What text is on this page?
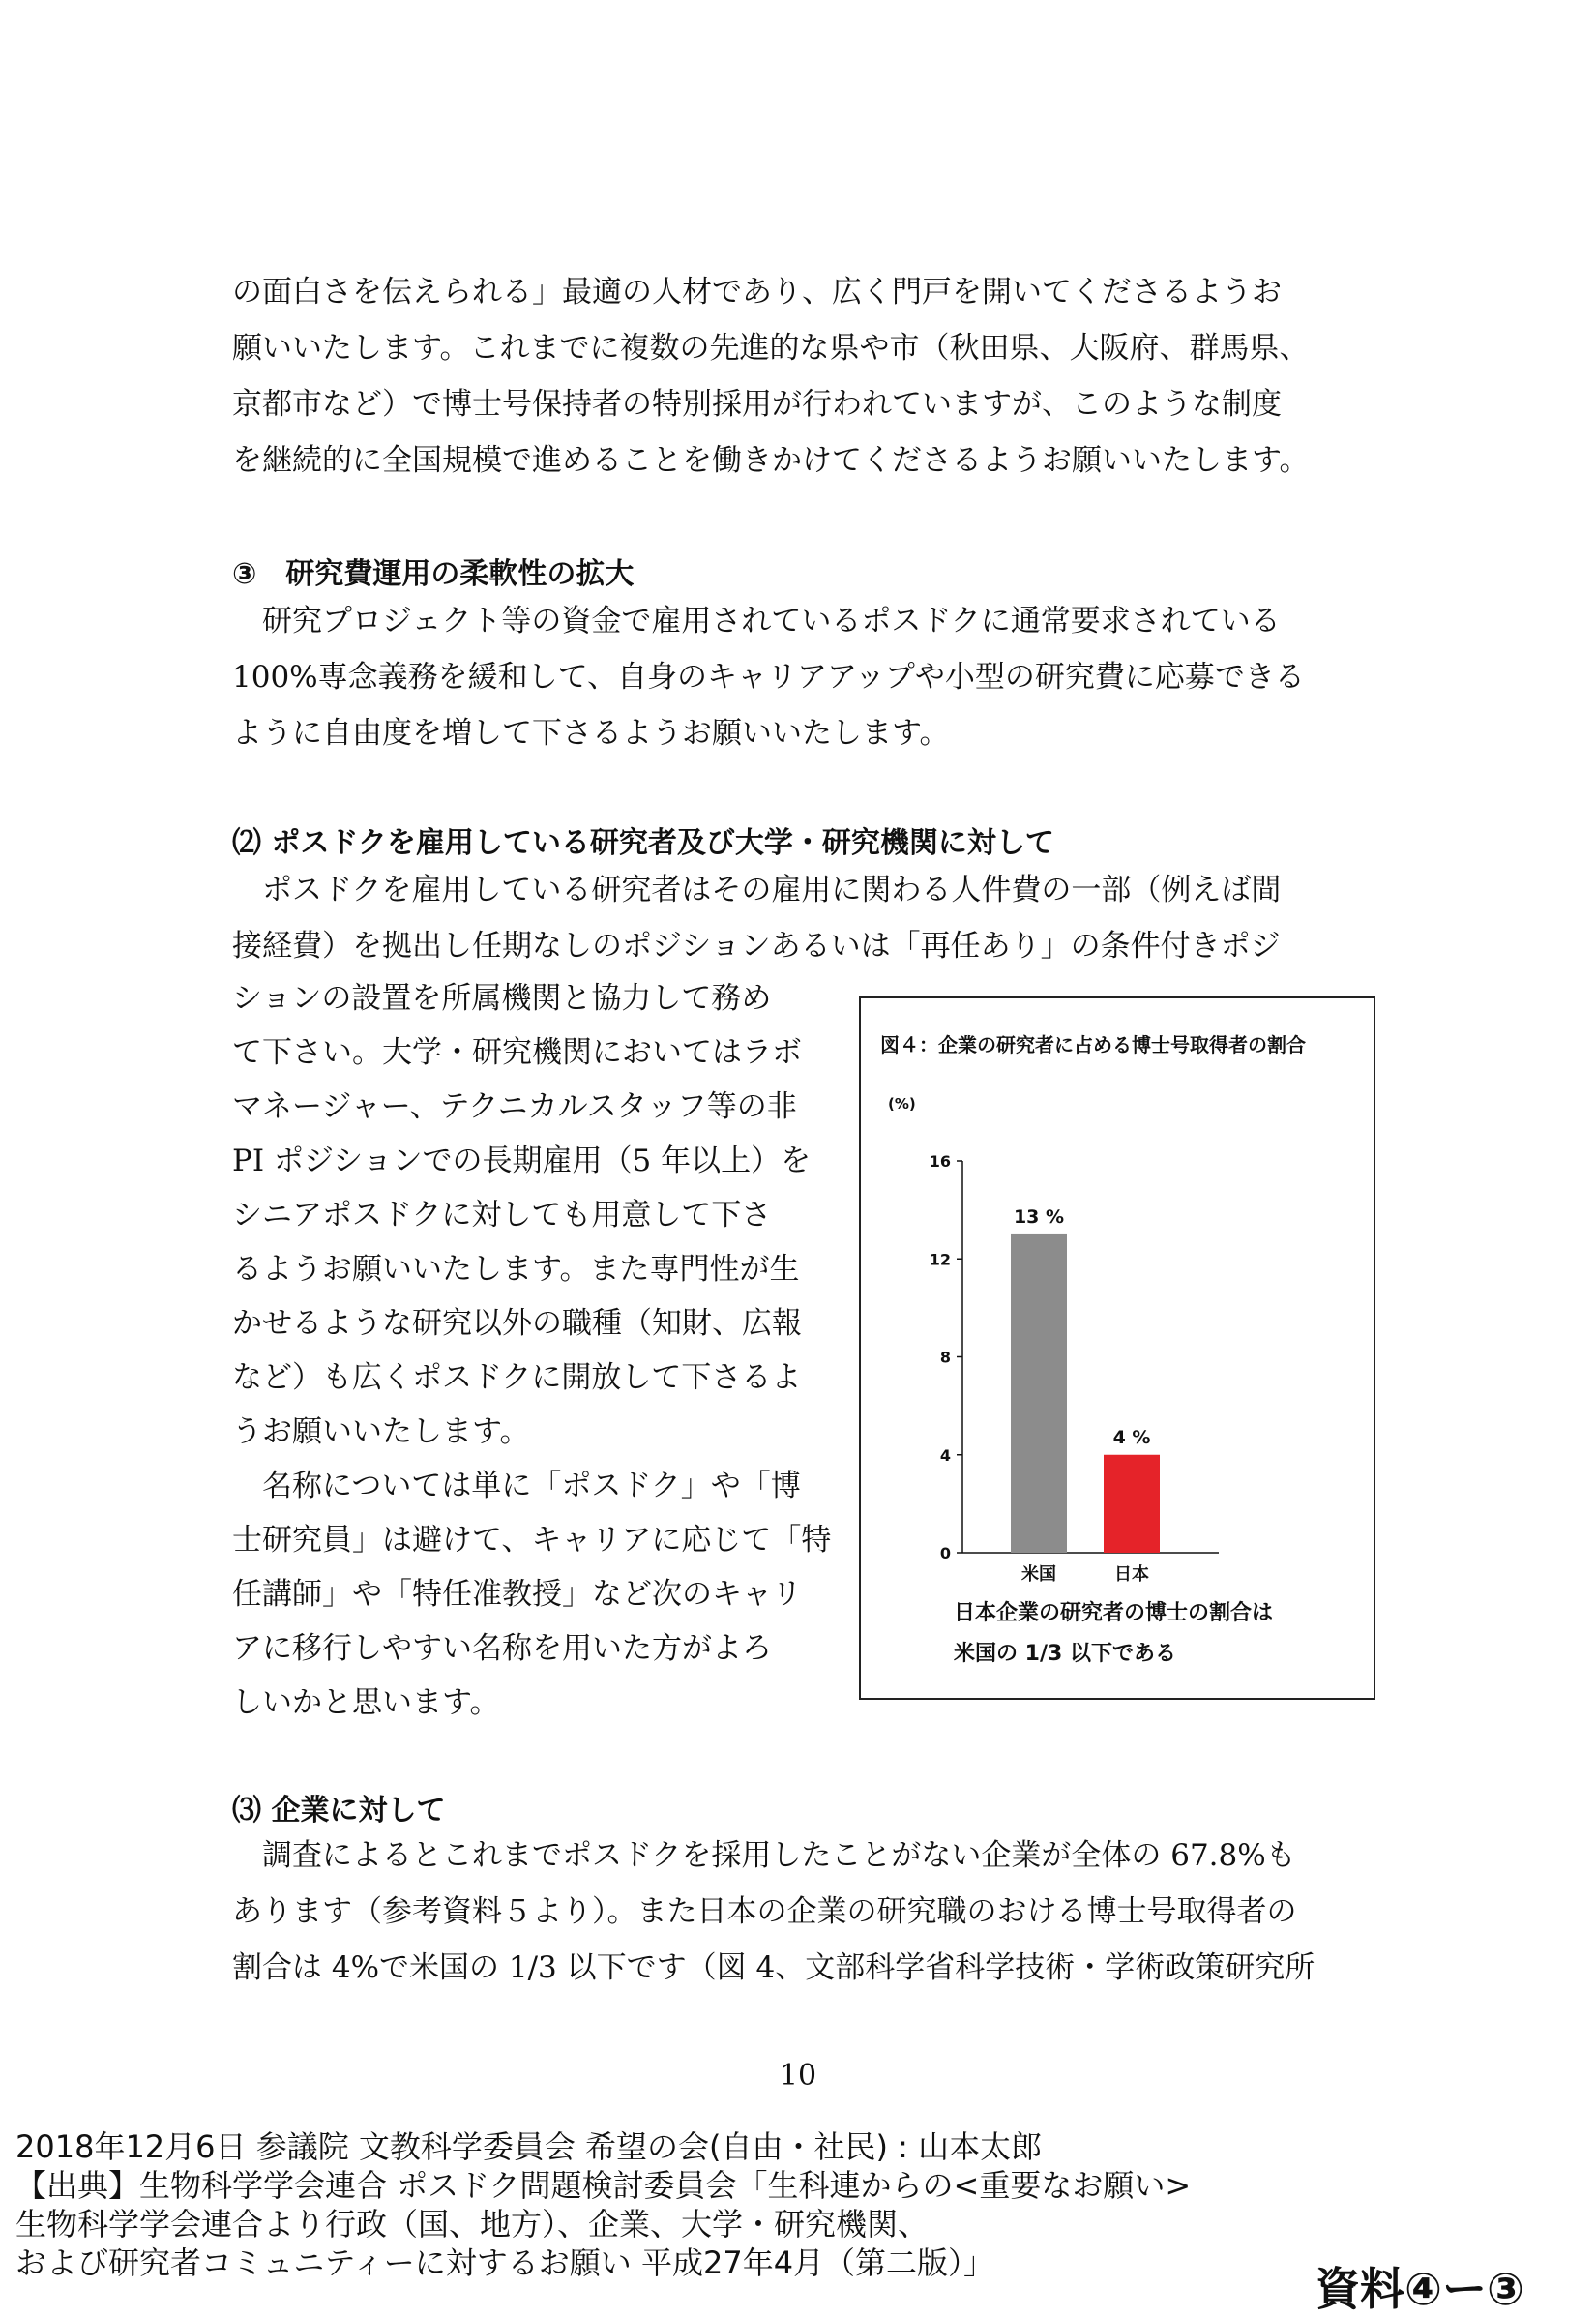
の面白さを伝えられる」最適の人材であり、広く門戸を開いてくださるようお
願いいたします。これまでに複数の先進的な県や市（秋田県、大阪府、群馬県、
京都市など）で博士号保持者の特別採用が行われていますが、このような制度
を継続的に全国規模で進めることを働きかけてくださるようお願いいたします。
③　研究費運用の柔軟性の拡大
　研究プロジェクト等の資金で雇用されているポスドクに通常要求されている
100%専念義務を緩和して、自身のキャリアアップや小型の研究費に応募できる
ように自由度を増して下さるようお願いいたします。
⑵ ポスドクを雇用している研究者及び大学・研究機関に対して
　ポスドクを雇用している研究者はその雇用に関わる人件費の一部（例えば間
接経費）を拠出し任期なしのポジションあるいは「再任あり」の条件付きポジ
ションの設置を所属機関と協力して務め
て下さい。大学・研究機関においてはラボ
マネージャー、テクニカルスタッフ等の非
PI ポジションでの長期雇用（5 年以上）を
シニアポスドクに対しても用意して下さ
るようお願いいたします。また専門性が生
かせるような研究以外の職種（知財、広報
など）も広くポスドクに開放して下さるよ
うお願いいたします。
　名称については単に「ポスドク」や「博
士研究員」は避けて、キャリアに応じて「特
任講師」や「特任准教授」など次のキャリ
アに移行しやすい名称を用いた方がよろ
しいかと思います。
図４：企業の研究者に占める博士号取得者の割合
(%)
0
4
8
12
16
13 %
米国
4 %
日本
日本企業の研究者の博士の割合は
米国の 1/3 以下である
⑶ 企業に対して
　調査によるとこれまでポスドクを採用したことがない企業が全体の 67.8%も
あります（参考資料５より）。また日本の企業の研究職のおける博士号取得者の
割合は 4%で米国の 1/3 以下です（図 4、文部科学省科学技術・学術政策研究所
10
2018年12月6日 参議院 文教科学委員会 希望の会(自由・社民) : 山本太郎
【出典】生物科学学会連合 ポスドク問題検討委員会「生科連からの<重要なお願い>
生物科学学会連合より行政（国、地方）、企業、大学・研究機関、
および研究者コミュニティーに対するお願い 平成27年4月（第二版）」	資料④ー③
